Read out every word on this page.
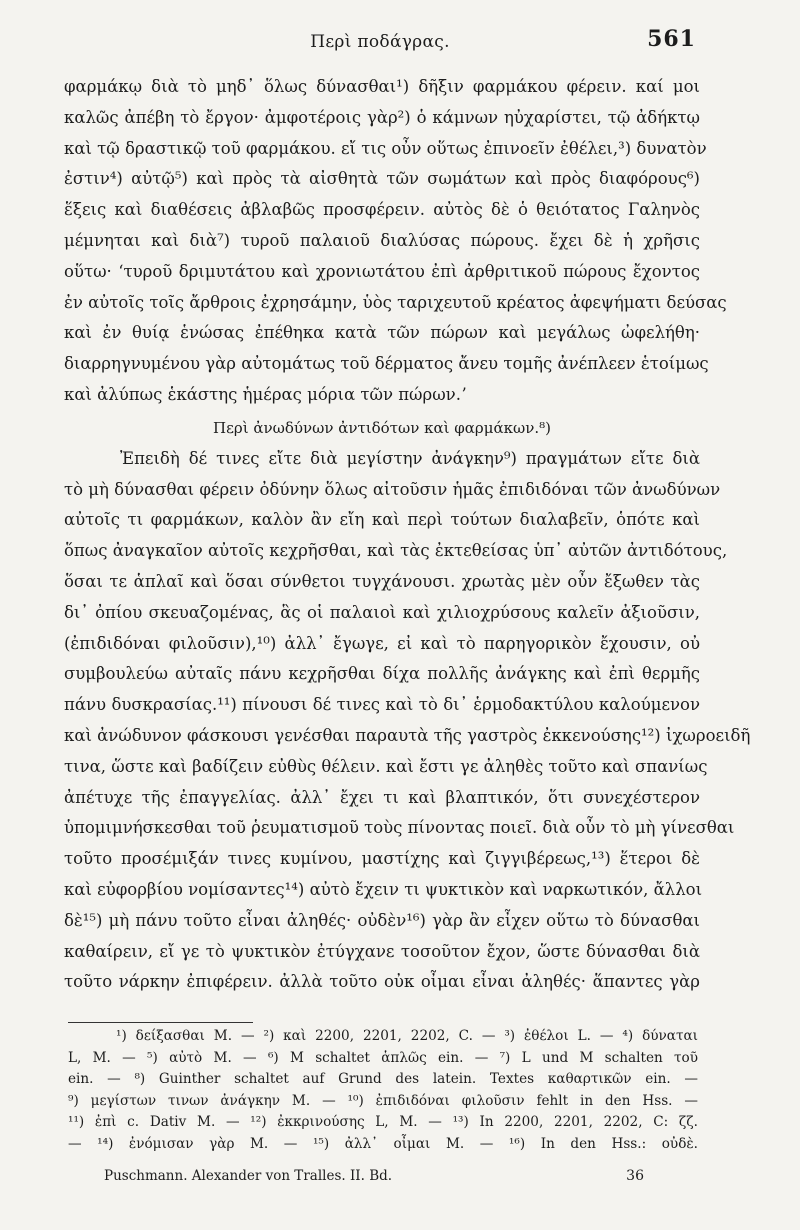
Περὶ ποδάγρας.	561
φαρμάκῳ διὰ τὸ μηδ᾽ ὅλως δύνασθαι¹) δῆξιν φαρμάκου φέρειν. καί μοι
καλῶς ἀπέβη τὸ ἔργον· ἀμφοτέροις γὰρ²) ὁ κάμνων ηὐχαρίστει, τῷ ἀδήκτῳ
καὶ τῷ δραστικῷ τοῦ φαρμάκου. εἴ τις οὖν οὕτως ἐπινοεῖν ἐθέλει,³) δυνατὸν
ἐστιν⁴) αὐτῷ⁵) καὶ πρὸς τὰ αἰσθητὰ τῶν σωμάτων καὶ πρὸς διαφόρους⁶)
ἕξεις καὶ διαθέσεις ἀβλαβῶς προσφέρειν. αὐτὸς δὲ ὁ θειότατος Γαληνὸς
μέμνηται καὶ διὰ⁷) τυροῦ παλαιοῦ διαλύσας πώρους. ἔχει δὲ ἡ χρῆσις
οὕτω· ʻτυροῦ δριμυτάτου καὶ χρονιωτάτου ἐπὶ ἀρθριτικοῦ πώρους ἔχοντος
ἐν αὐτοῖς τοῖς ἄρθροις ἐχρησάμην, ὑὸς ταριχευτοῦ κρέατος ἀφεψήματι δεύσας
καὶ ἐν θυίᾳ ἑνώσας ἐπέθηκα κατὰ τῶν πώρων καὶ μεγάλως ὠφελήθη·
διαρρηγνυμένου γὰρ αὐτομάτως τοῦ δέρματος ἄνευ τομῆς ἀνέπλεεν ἑτοίμως
καὶ ἀλύπως ἑκάστης ἡμέρας μόρια τῶν πώρων.ʼ
Περὶ ἀνωδύνων ἀντιδότων καὶ φαρμάκων.⁸)
Ἐπειδὴ δέ τινες εἴτε διὰ μεγίστην ἀνάγκην⁹) πραγμάτων εἴτε διὰ
τὸ μὴ δύνασθαι φέρειν ὀδύνην ὅλως αἰτοῦσιν ἡμᾶς ἐπιδιδόναι τῶν ἀνωδύνων
αὐτοῖς τι φαρμάκων, καλὸν ἂν εἴη καὶ περὶ τούτων διαλαβεῖν, ὁπότε καὶ
ὅπως ἀναγκαῖον αὐτοῖς κεχρῆσθαι, καὶ τὰς ἐκτεθείσας ὑπ᾽ αὐτῶν ἀντιδότους,
ὅσαι τε ἁπλαῖ καὶ ὅσαι σύνθετοι τυγχάνουσι. χρωτὰς μὲν οὖν ἔξωθεν τὰς
δι᾽ ὀπίου σκευαζομένας, ἃς οἱ παλαιοὶ καὶ χιλιοχρύσους καλεῖν ἀξιοῦσιν,
(ἐπιδιδόναι φιλοῦσιν),¹⁰) ἀλλ᾽ ἔγωγε, εἰ καὶ τὸ παρηγορικὸν ἔχουσιν, οὐ
συμβουλεύω αὐταῖς πάνυ κεχρῆσθαι δίχα πολλῆς ἀνάγκης καὶ ἐπὶ θερμῆς
πάνυ δυσκρασίας.¹¹) πίνουσι δέ τινες καὶ τὸ δι᾽ ἑρμοδακτύλου καλούμενον
καὶ ἀνώδυνον φάσκουσι γενέσθαι παραυτὰ τῆς γαστρὸς ἐκκενούσης¹²) ἰχωροειδῆ
τινα, ὥστε καὶ βαδίζειν εὐθὺς θέλειν. καὶ ἔστι γε ἀληθὲς τοῦτο καὶ σπανίως
ἀπέτυχε τῆς ἐπαγγελίας. ἀλλ᾽ ἔχει τι καὶ βλαπτικόν, ὅτι συνεχέστερον
ὑπομιμνήσκεσθαι τοῦ ῥευματισμοῦ τοὺς πίνοντας ποιεῖ. διὰ οὖν τὸ μὴ γίνεσθαι
τοῦτο προσέμιξάν τινες κυμίνου, μαστίχης καὶ ζιγγιβέρεως,¹³) ἕτεροι δὲ
καὶ εὐφορβίου νομίσαντες¹⁴) αὐτὸ ἔχειν τι ψυκτικὸν καὶ ναρκωτικόν, ἄλλοι
δὲ¹⁵) μὴ πάνυ τοῦτο εἶναι ἀληθές· οὐδὲν¹⁶) γὰρ ἂν εἶχεν οὕτω τὸ δύνασθαι
καθαίρειν, εἴ γε τὸ ψυκτικὸν ἐτύγχανε τοσοῦτον ἔχον, ὥστε δύνασθαι διὰ
τοῦτο νάρκην ἐπιφέρειν. ἀλλὰ τοῦτο οὐκ οἶμαι εἶναι ἀληθές· ἅπαντες γὰρ
¹) δείξασθαι M. — ²) καὶ 2200, 2201, 2202, C. — ³) ἐθέλοι L. — ⁴) δύναται
L, M. — ⁵) αὐτὸ M. — ⁶) M schaltet ἁπλῶς ein. — ⁷) L und M schalten τοῦ
ein. — ⁸) Guinther schaltet auf Grund des latein. Textes καθαρτικῶν ein. —
⁹) μεγίστων τινων ἀνάγκην M. — ¹⁰) ἐπιδιδόναι φιλοῦσιν fehlt in den Hss. —
¹¹) ἐπὶ c. Dativ M. — ¹²) ἐκκρινούσης L, M. — ¹³) In 2200, 2201, 2202, C: ζζ.
— ¹⁴) ἐνόμισαν γὰρ M. — ¹⁵) ἀλλ᾽ οἶμαι M. — ¹⁶) In den Hss.: οὐδὲ.
Puschmann. Alexander von Tralles. II. Bd.	36
